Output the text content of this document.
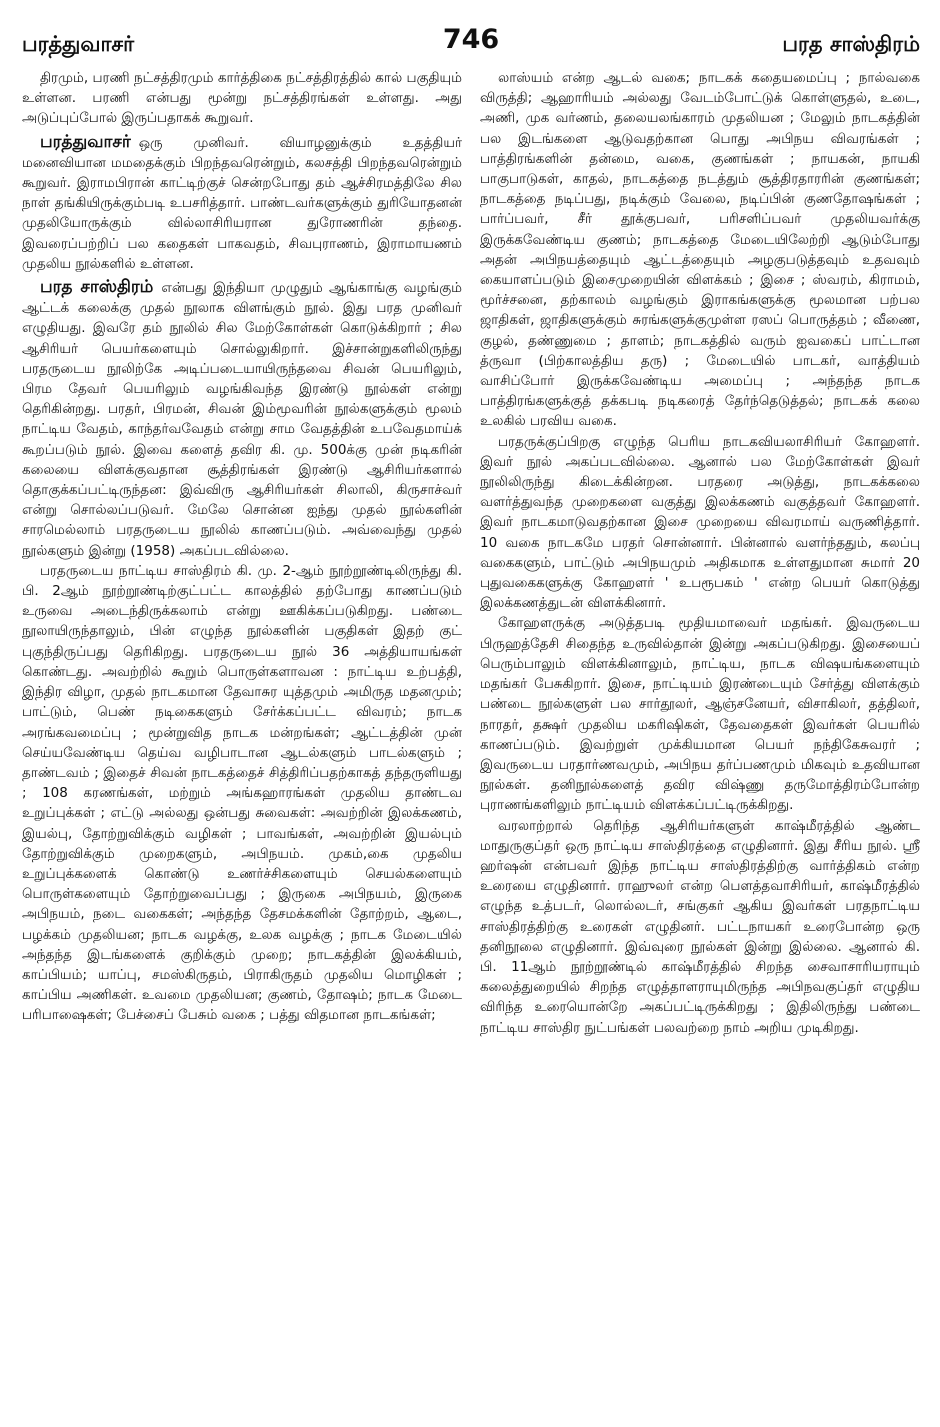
பரத்துவாசர்	746	பரத சாஸ்திரம்

திரமும், பரணி நட்சத்திரமும் கார்த்திகை நட்சத்திரத்தில் கால் பகுதியும் உள்ளன. பரணி என்பது மூன்று நட்சத்திரங்கள் உள்ளது. அது அடுப்புப்போல் இருப்பதாகக் கூறுவர்.

பரத்துவாசர் ஒரு முனிவர். வியாழனுக்கும் உதத்தியர் மனைவியான மமதைக்கும் பிறந்தவரென்றும், கலசத்தி பிறந்தவரென்றும் கூறுவர். இராமபிரான் காட்டிற்குச் சென்றபோது தம் ஆச்சிரமத்திலே சில நாள் தங்கியிருக்கும்படி உபசரித்தார். பாண்டவர்களுக்கும் துரியோதனன் முதலியோருக்கும் வில்லாசிரியரான துரோணரின் தந்தை. இவரைப்பற்றிப் பல கதைகள் பாகவதம், சிவபுராணம், இராமாயணம் முதலிய நூல்களில் உள்ளன.

பரத சாஸ்திரம் என்பது இந்தியா முழுதும் ஆங்காங்கு வழங்கும் ஆட்டக் கலைக்கு முதல் நூலாக விளங்கும் நூல். இது பரத முனிவர் எழுதியது. இவரே தம் நூலில் சில மேற்கோள்கள் கொடுக்கிறார் ; சில ஆசிரியர் பெயர்களையும் சொல்லுகிறார். இச்சான்றுகளிலிருந்து பரதருடைய நூலிற்கே அடிப்படையாயிருந்தவை சிவன் பெயரிலும், பிரம தேவர் பெயரிலும் வழங்கிவந்த இரண்டு நூல்கள் என்று தெரிகின்றது. பரதர், பிரமன், சிவன் இம்மூவரின் நூல்களுக்கும் மூலம் நாட்டிய வேதம், காந்தர்வவேதம் என்று சாம வேதத்தின் உபவேதமாய்க் கூறப்படும் நூல். இவை களைத் தவிர கி. மு. 500க்கு முன் நடிகரின் கலையை விளக்குவதான சூத்திரங்கள் இரண்டு ஆசிரியர்களால் தொகுக்கப்பட்டிருந்தன: இவ்விரு ஆசிரியர்கள் சிலாலி, கிருசாச்வர் என்று சொல்லப்படுவர். மேலே சொன்ன ஐந்து முதல் நூல்களின் சாரமெல்லாம் பரதருடைய நூலில் காணப்படும். அவ்வைந்து முதல் நூல்களும் இன்று (1958) அகப்படவில்லை.

பரதருடைய நாட்டிய சாஸ்திரம் கி. மு. 2-ஆம் நூற்றூண்டிலிருந்து கி. பி. 2ஆம் நூற்றூண்டிற்குட்பட்ட காலத்தில் தற்போது காணப்படும் உருவை அடைந்திருக்கலாம் என்று ஊகிக்கப்படுகிறது. பண்டை நூலாயிருந்தாலும், பின் எழுந்த நூல்களின் பகுதிகள் இதற் குட் புகுந்திருப்பது தெரிகிறது. பரதருடைய நூல் 36 அத்தியாயங்கள் கொண்டது. அவற்றில் கூறும் பொருள்களாவன : நாட்டிய உற்பத்தி, இந்திர விழா, முதல் நாடகமான தேவாசுர யுத்தமும் அமிருத மதனமும்; பாட்டும், பெண் நடிகைகளும் சேர்க்கப்பட்ட விவரம்; நாடக அரங்கவமைப்பு ; மூன்றுவித நாடக மன்றங்கள்; ஆட்டத்தின் முன் செய்யவேண்டிய தெய்வ வழிபாடான ஆடல்களும் பாடல்களும் ; தாண்டவம் ; இதைச் சிவன் நாடகத்தைச் சித்திரிப்பதற்காகத் தந்தருளியது ; 108 கரணங்கள், மற்றும் அங்கஹாரங்கள் முதலிய தாண்டவ உறுப்புக்கள் ; எட்டு அல்லது ஒன்பது சுவைகள்: அவற்றின் இலக்கணம், இயல்பு, தோற்றுவிக்கும் வழிகள் ; பாவங்கள், அவற்றின் இயல்பும் தோற்றுவிக்கும் முறைகளும், அபிநயம். முகம்,கை முதலிய உறுப்புக்களைக் கொண்டு உணர்ச்சிகளையும் செயல்களையும் பொருள்களையும் தோற்றுவைப்பது ; இருகை அபிநயம், இருகை அபிநயம், நடை வகைகள்; அந்தந்த தேசமக்களின் தோற்றம், ஆடை, பழக்கம் முதலியன; நாடக வழக்கு, உலக வழக்கு ; நாடக மேடையில் அந்தந்த இடங்களைக் குறிக்கும் முறை; நாடகத்தின் இலக்கியம், காப்பியம்; யாப்பு, சமஸ்கிருதம், பிராகிருதம் முதலிய மொழிகள் ; காப்பிய அணிகள். உவமை முதலியன; குணம், தோஷம்; நாடக மேடை பரிபாஷைகள்; பேச்சைப் பேசும் வகை ; பத்து விதமான நாடகங்கள்;

லாஸ்யம் என்ற ஆடல் வகை; நாடகக் கதையமைப்பு ; நால்வகை விருத்தி; ஆஹாரியம் அல்லது வேடம்போட்டுக் கொள்ளுதல், உடை, அணி, முக வர்ணம், தலையலங்காரம் முதலியன ; மேலும் நாடகத்தின் பல இடங்களை ஆடுவதற்கான பொது அபிநய விவரங்கள் ; பாத்திரங்களின் தன்மை, வகை, குணங்கள் ; நாயகன், நாயகி பாகுபாடுகள், காதல், நாடகத்தை நடத்தும் சூத்திரதாரரின் குணங்கள்; நாடகத்தை நடிப்பது, நடிக்கும் வேலை, நடிப்பின் குணதோஷங்கள் ; பார்ப்பவர், சீர் தூக்குபவர், பரிசளிப்பவர் முதலியவர்க்கு இருக்கவேண்டிய குணம்; நாடகத்தை மேடையிலேற்றி ஆடும்போது அதன் அபிநயத்தையும் ஆட்டத்தையும் அழகுபடுத்தவும் உதவவும் கையாளப்படும் இசைமுறையின் விளக்கம் ; இசை ; ஸ்வரம், கிராமம், மூர்ச்சனை, தற்காலம் வழங்கும் இராகங்களுக்கு மூலமான பற்பல ஜாதிகள், ஜாதிகளுக்கும் சுரங்களுக்குமுள்ள ரஸப் பொருத்தம் ; வீணை, குழல், தண்ணுமை ; தாளம்; நாடகத்தில் வரும் ஐவகைப் பாட்டான த்ருவா (பிற்காலத்திய தரு) ; மேடையில் பாடகர், வாத்தியம் வாசிப்போர் இருக்கவேண்டிய அமைப்பு ; அந்தந்த நாடக பாத்திரங்களுக்குத் தக்கபடி நடிகரைத் தேர்ந்தெடுத்தல்; நாடகக் கலை உலகில் பரவிய வகை.

பரதருக்குப்பிறகு எழுந்த பெரிய நாடகவியலாசிரியர் கோஹளர். இவர் நூல் அகப்படவில்லை. ஆனால் பல மேற்கோள்கள் இவர் நூலிலிருந்து கிடைக்கின்றன. பரதரை அடுத்து, நாடகக்கலை வளர்த்துவந்த முறைகளை வகுத்து இலக்கணம் வகுத்தவர் கோஹளர். இவர் நாடகமாடுவதற்கான இசை முறையை விவரமாய் வருணித்தார். 10 வகை நாடகமே பரதர் சொன்னார். பின்னால் வளர்ந்ததும், கலப்பு வகைகளும், பாட்டும் அபிநயமும் அதிகமாக உள்ளதுமான சுமார் 20 புதுவகைகளுக்கு கோஹளர் ' உபரூபகம் ' என்ற பெயர் கொடுத்து இலக்கணத்துடன் விளக்கினார்.

கோஹளருக்கு அடுத்தபடி மூதியமாவைர் மதங்கர். இவருடைய பிருஹத்தேசி சிதைந்த உருவில்தான் இன்று அகப்படுகிறது. இசையைப் பெரும்பாலும் விளக்கினாலும், நாட்டிய, நாடக விஷயங்களையும் மதங்கர் பேசுகிறார். இசை, நாட்டியம் இரண்டையும் சேர்த்து விளக்கும் பண்டை நூல்களுள் பல சார்தூலர், ஆஞ்சனேயர், விசாகிலர், தத்திலர், நாரதர், தக்ஷர் முதலிய மகரிஷிகள், தேவதைகள் இவர்கள் பெயரில் காணப்படும். இவற்றுள் முக்கியமான பெயர் நந்திகேசுவரர் ; இவருடைய பரதார்ணவமும், அபிநய தர்ப்பணமும் மிகவும் உதவியான நூல்கள். தனிநூல்களைத் தவிர விஷ்ணு தருமோத்திரம்போன்ற புராணங்களிலும் நாட்டியம் விளக்கப்பட்டிருக்கிறது.

வரலாற்றால் தெரிந்த ஆசிரியர்களுள் காஷ்மீரத்தில் ஆண்ட மாதுருகுப்தர் ஒரு நாட்டிய சாஸ்திரத்தை எழுதினார். இது சீரிய நூல். ஸ்ரீ ஹர்ஷன் என்பவர் இந்த நாட்டிய சாஸ்திரத்திற்கு வார்த்திகம் என்ற உரையை எழுதினார். ராஹுலர் என்ற பௌத்தவாசிரியர், காஷ்மீரத்தில் எழுந்த உத்படர், லொல்லடர், சங்குகர் ஆகிய இவர்கள் பரதநாட்டிய சாஸ்திரத்திற்கு உரைகள் எழுதினர். பட்டநாயகர் உரைபோன்ற ஒரு தனிநூலை எழுதினார். இவ்வுரை நூல்கள் இன்று இல்லை. ஆனால் கி. பி. 11ஆம் நூற்றூண்டில் காஷ்மீரத்தில் சிறந்த சைவாசாரியராயும் கலைத்துறையில் சிறந்த எழுத்தாளராயுமிருந்த அபிநவகுப்தர் எழுதிய விரிந்த உரையொன்றே அகப்பட்டிருக்கிறது ; இதிலிருந்து பண்டை நாட்டிய சாஸ்திர நுட்பங்கள் பலவற்றை நாம் அறிய முடிகிறது.
